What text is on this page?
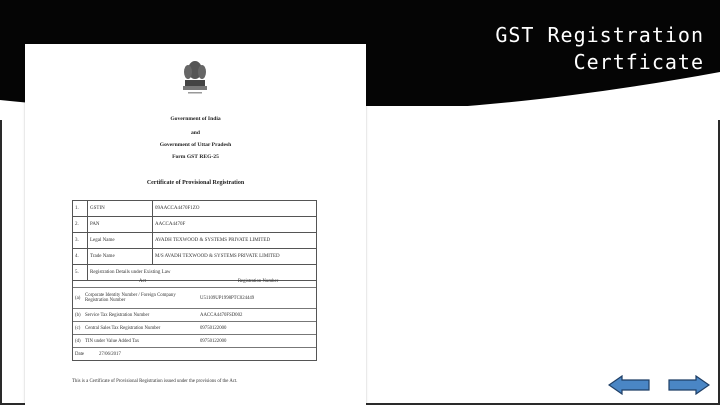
GST Registration
Certficate
Government of India
and
Government of Uttar Pradesh
Form GST REG-25
Certificate of Provisional Registration
1.	GSTIN	09AACCA4470F1ZO
2.	PAN	AACCA4470F
3.	Legal Name	AVADH TEXWOOD & SYSTEMS PRIVATE LIMITED
4.	Trade Name	M/S AVADH TEXWOOD & SYSTEMS PRIVATE LIMITED
5.	Registration Details under Existing Law	
Act	Registration Number
(a) Corporate Identity Number / Foreign Company Registration Number	U51109UP1998PTC024449
(b) Service Tax Registration Number	AACCA4470FSD002
(c) Central Sales Tax Registration Number	09750122000
(d) TIN under Value Added Tax	09750122000
Date	27/06/2017
This is a Certificate of Provisional Registration issued under the provisions of the Act.
